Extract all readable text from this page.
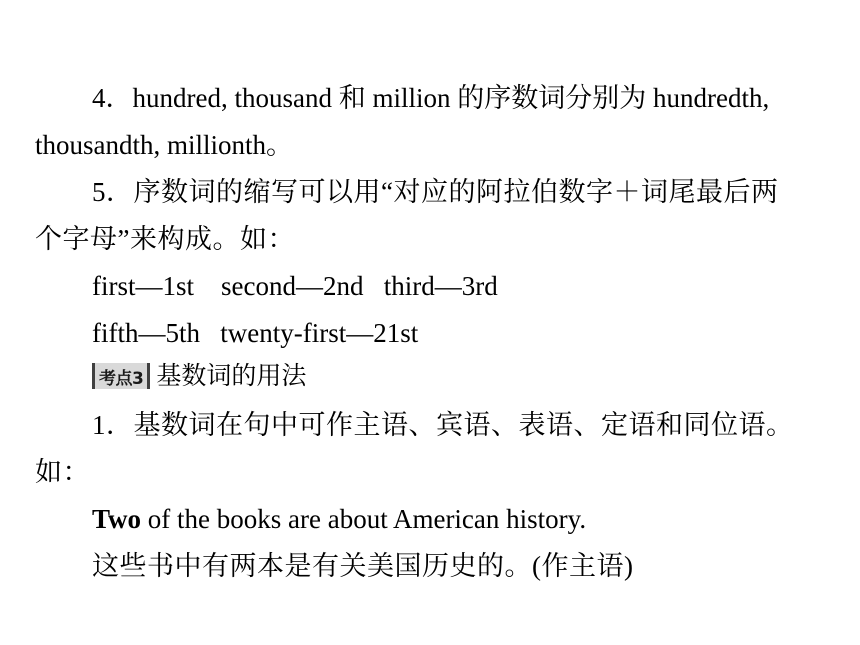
4．hundred, thousand 和 million 的序数词分别为 hundredth,
thousandth, millionth。
5．序数词的缩写可以用“对应的阿拉伯数字＋词尾最后两
个字母”来构成。如：
first—1st    second—2nd   third—3rd
fifth—5th   twenty-first—21st
考点3 基数词的用法
1．基数词在句中可作主语、宾语、表语、定语和同位语。
如：
Two of the books are about American history.
这些书中有两本是有关美国历史的。(作主语)
